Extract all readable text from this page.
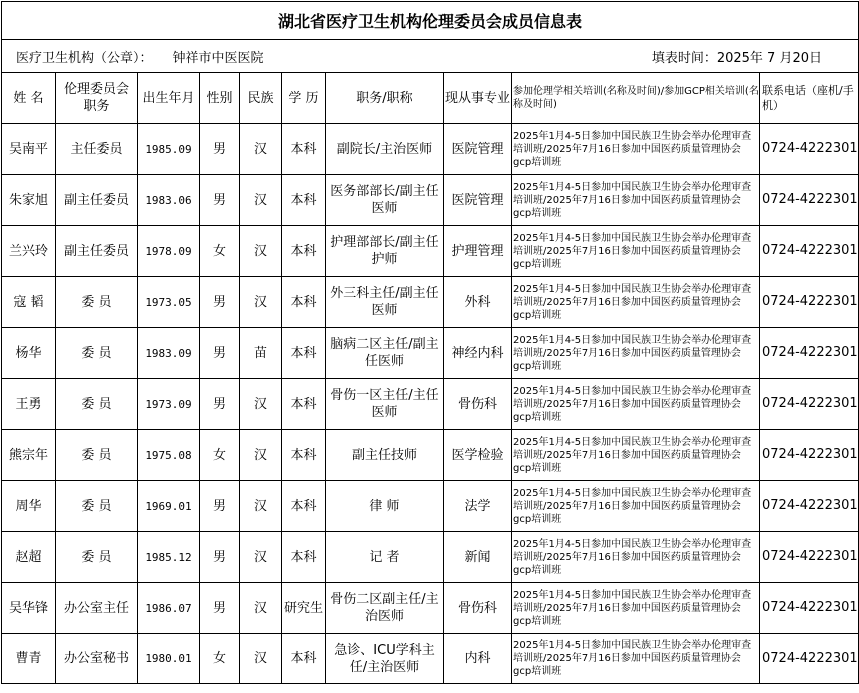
湖北省医疗卫生机构伦理委员会成员信息表									

医疗卫生机构（公章）： 钟祥市中医医院 填表时间：2025年 7 月20日									

姓 名	伦理委员会 职务	出生年月	性别	民族	学 历	职务/职称	现从事专业	参加伦理学相关培训(名称及时间)/参加GCP相关培训(名称及时间)	联系电话（座机/手机）
吴南平	主任委员	1985.09	男	汉	本科	副院长/主治医师	医院管理	2025年1月4-5日参加中国民族卫生协会举办伦理审查培训班/2025年7月16日参加中国医药质量管理协会gcp培训班	0724-4222301
朱家旭	副主任委员	1983.06	男	汉	本科	医务部部长/副主任医师	医院管理	2025年1月4-5日参加中国民族卫生协会举办伦理审查培训班/2025年7月16日参加中国医药质量管理协会gcp培训班	0724-4222301
兰兴玲	副主任委员	1978.09	女	汉	本科	护理部部长/副主任护师	护理管理	2025年1月4-5日参加中国民族卫生协会举办伦理审查培训班/2025年7月16日参加中国医药质量管理协会gcp培训班	0724-4222301
寇 韬	委 员	1973.05	男	汉	本科	外三科主任/副主任医师	外科	2025年1月4-5日参加中国民族卫生协会举办伦理审查培训班/2025年7月16日参加中国医药质量管理协会gcp培训班	0724-4222301
杨华	委 员	1983.09	男	苗	本科	脑病二区主任/副主任医师	神经内科	2025年1月4-5日参加中国民族卫生协会举办伦理审查培训班/2025年7月16日参加中国医药质量管理协会gcp培训班	0724-4222301
王勇	委 员	1973.09	男	汉	本科	骨伤一区主任/主任医师	骨伤科	2025年1月4-5日参加中国民族卫生协会举办伦理审查培训班/2025年7月16日参加中国医药质量管理协会gcp培训班	0724-4222301
熊宗年	委 员	1975.08	女	汉	本科	副主任技师	医学检验	2025年1月4-5日参加中国民族卫生协会举办伦理审查培训班/2025年7月16日参加中国医药质量管理协会gcp培训班	0724-4222301
周华	委 员	1969.01	男	汉	本科	律 师	法学	2025年1月4-5日参加中国民族卫生协会举办伦理审查培训班/2025年7月16日参加中国医药质量管理协会gcp培训班	0724-4222301
赵超	委 员	1985.12	男	汉	本科	记 者	新闻	2025年1月4-5日参加中国民族卫生协会举办伦理审查培训班/2025年7月16日参加中国医药质量管理协会gcp培训班	0724-4222301
吴华锋	办公室主任	1986.07	男	汉	研究生	骨伤二区副主任/主治医师	骨伤科	2025年1月4-5日参加中国民族卫生协会举办伦理审查培训班/2025年7月16日参加中国医药质量管理协会gcp培训班	0724-4222301
曹青	办公室秘书	1980.01	女	汉	本科	急诊、ICU学科主任/主治医师	内科	2025年1月4-5日参加中国民族卫生协会举办伦理审查培训班/2025年7月16日参加中国医药质量管理协会gcp培训班	0724-4222301
